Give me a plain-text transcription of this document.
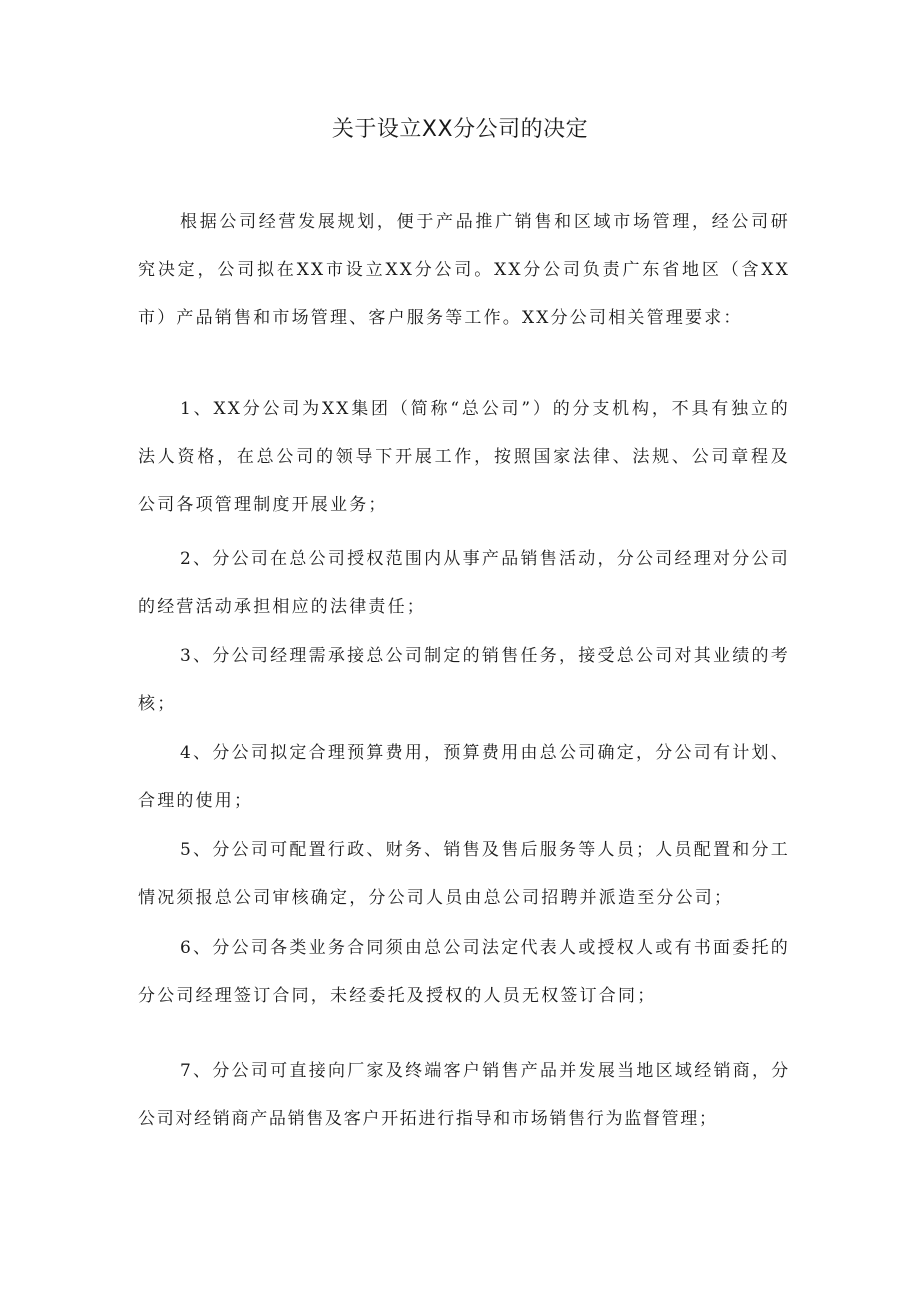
关于设立XX分公司的决定

根据公司经营发展规划，便于产品推广销售和区域市场管理，经公司研究决定，公司拟在XX市设立XX分公司。XX分公司负责广东省地区（含XX市）产品销售和市场管理、客户服务等工作。XX分公司相关管理要求：

1、XX分公司为XX集团（简称“总公司”）的分支机构，不具有独立的法人资格，在总公司的领导下开展工作，按照国家法律、法规、公司章程及公司各项管理制度开展业务；

2、分公司在总公司授权范围内从事产品销售活动，分公司经理对分公司的经营活动承担相应的法律责任；

3、分公司经理需承接总公司制定的销售任务，接受总公司对其业绩的考核；

4、分公司拟定合理预算费用，预算费用由总公司确定，分公司有计划、合理的使用；

5、分公司可配置行政、财务、销售及售后服务等人员；人员配置和分工情况须报总公司审核确定，分公司人员由总公司招聘并派造至分公司；

6、分公司各类业务合同须由总公司法定代表人或授权人或有书面委托的分公司经理签订合同，未经委托及授权的人员无权签订合同；

7、分公司可直接向厂家及终端客户销售产品并发展当地区域经销商，分公司对经销商产品销售及客户开拓进行指导和市场销售行为监督管理；
